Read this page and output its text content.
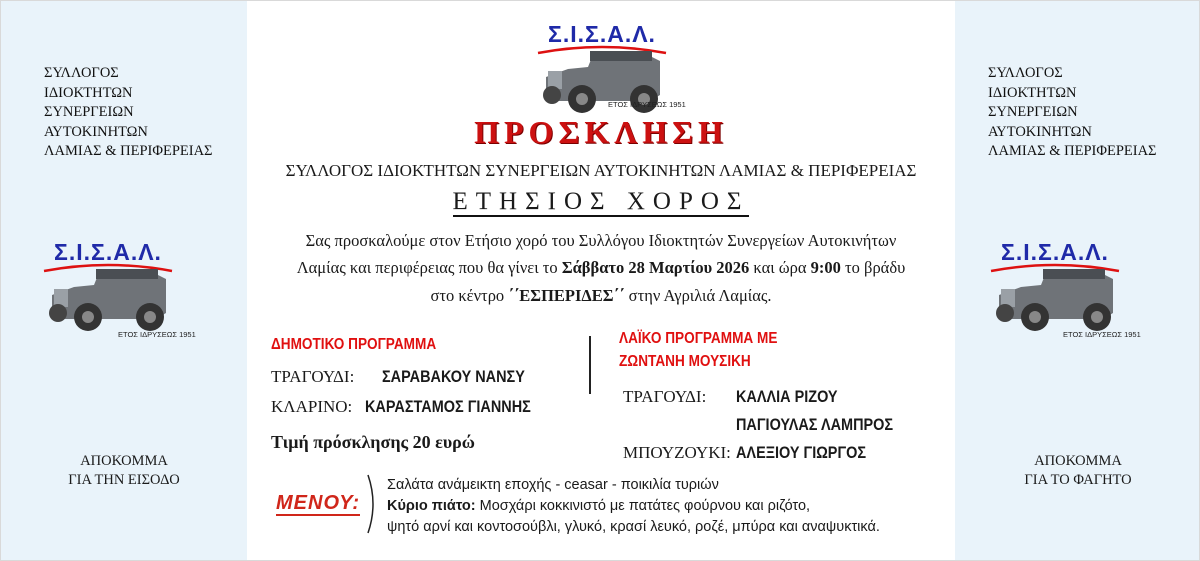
ΣΥΛΛΟΓΟΣ
ΙΔΙΟΚΤΗΤΩΝ
ΣΥΝΕΡΓΕΙΩΝ
ΑΥΤΟΚΙΝΗΤΩΝ
ΛΑΜΙΑΣ & ΠΕΡΙΦΕΡΕΙΑΣ
Σ.Ι.Σ.Α.Λ.
ΕΤΟΣ ΙΔΡΥΣΕΩΣ 1951
ΑΠΟΚΟΜΜΑ
ΓΙΑ ΤΗΝ ΕΙΣΟΔΟ
ΣΥΛΛΟΓΟΣ
ΙΔΙΟΚΤΗΤΩΝ
ΣΥΝΕΡΓΕΙΩΝ
ΑΥΤΟΚΙΝΗΤΩΝ
ΛΑΜΙΑΣ & ΠΕΡΙΦΕΡΕΙΑΣ
Σ.Ι.Σ.Α.Λ.
ΕΤΟΣ ΙΔΡΥΣΕΩΣ 1951
ΑΠΟΚΟΜΜΑ
ΓΙΑ ΤΟ ΦΑΓΗΤΟ
Σ.Ι.Σ.Α.Λ.
ΕΤΟΣ ΙΔΡΥΣΕΩΣ 1951
ΠΡΟΣΚΛΗΣΗ
ΣΥΛΛΟΓΟΣ ΙΔΙΟΚΤΗΤΩΝ ΣΥΝΕΡΓΕΙΩΝ ΑΥΤΟΚΙΝΗΤΩΝ ΛΑΜΙΑΣ & ΠΕΡΙΦΕΡΕΙΑΣ
ΕΤΗΣΙΟΣ ΧΟΡΟΣ
Σας προσκαλούμε στον Ετήσιο χορό του Συλλόγου Ιδιοκτητών Συνεργείων Αυτοκινήτων
Λαμίας και περιφέρειας που θα γίνει το Σάββατο 28 Μαρτίου 2026 και ώρα 9:00 το βράδυ
στο κέντρο ΄΄ΕΣΠΕΡΙΔΕΣ΄΄ στην Αγριλιά Λαμίας.
ΔΗΜΟΤΙΚΟ ΠΡΟΓΡΑΜΜΑ
ΤΡΑΓΟΥΔΙ: ΣΑΡΑΒΑΚΟΥ ΝΑΝΣΥ
ΚΛΑΡΙΝΟ: ΚΑΡΑΣΤΑΜΟΣ ΓΙΑΝΝΗΣ
Τιμή πρόσκλησης 20 ευρώ
ΛΑΪΚΟ ΠΡΟΓΡΑΜΜΑ ΜΕ
ΖΩΝΤΑΝΗ ΜΟΥΣΙΚΗ
ΤΡΑΓΟΥΔΙ: ΚΑΛΛΙΑ ΡΙΖΟΥ
ΠΑΓΙΟΥΛΑΣ ΛΑΜΠΡΟΣ
ΜΠΟΥΖΟΥΚΙ: ΑΛΕΞΙΟΥ ΓΙΩΡΓΟΣ
ΜΕΝΟΥ:
Σαλάτα ανάμεικτη εποχής - ceasar - ποικιλία τυριών
Κύριο πιάτο: Μοσχάρι κοκκινιστό με πατάτες φούρνου και ριζότο,
ψητό αρνί και κοντοσούβλι, γλυκό, κρασί λευκό, ροζέ, μπύρα και αναψυκτικά.
